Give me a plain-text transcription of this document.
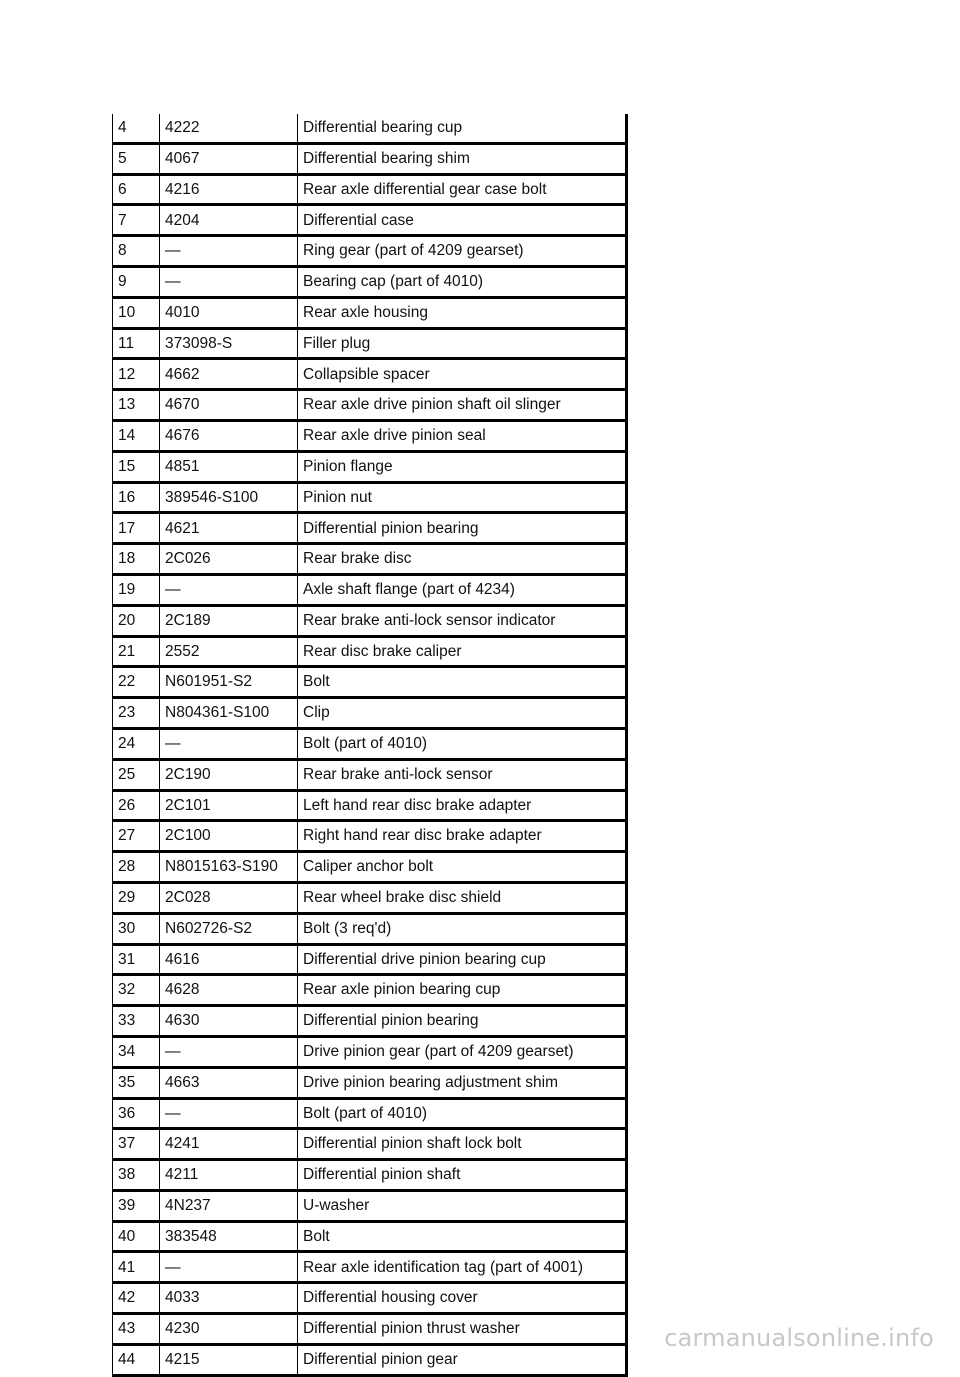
4	4222	Differential bearing cup
5	4067	Differential bearing shim
6	4216	Rear axle differential gear case bolt
7	4204	Differential case
8	—	Ring gear (part of 4209 gearset)
9	—	Bearing cap (part of 4010)
10	4010	Rear axle housing
11	373098-S	Filler plug
12	4662	Collapsible spacer
13	4670	Rear axle drive pinion shaft oil slinger
14	4676	Rear axle drive pinion seal
15	4851	Pinion flange
16	389546-S100	Pinion nut
17	4621	Differential pinion bearing
18	2C026	Rear brake disc
19	—	Axle shaft flange (part of 4234)
20	2C189	Rear brake anti-lock sensor indicator
21	2552	Rear disc brake caliper
22	N601951-S2	Bolt
23	N804361-S100	Clip
24	—	Bolt (part of 4010)
25	2C190	Rear brake anti-lock sensor
26	2C101	Left hand rear disc brake adapter
27	2C100	Right hand rear disc brake adapter
28	N8015163-S190	Caliper anchor bolt
29	2C028	Rear wheel brake disc shield
30	N602726-S2	Bolt (3 req'd)
31	4616	Differential drive pinion bearing cup
32	4628	Rear axle pinion bearing cup
33	4630	Differential pinion bearing
34	—	Drive pinion gear (part of 4209 gearset)
35	4663	Drive pinion bearing adjustment shim
36	—	Bolt (part of 4010)
37	4241	Differential pinion shaft lock bolt
38	4211	Differential pinion shaft
39	4N237	U-washer
40	383548	Bolt
41	—	Rear axle identification tag (part of 4001)
42	4033	Differential housing cover
43	4230	Differential pinion thrust washer
44	4215	Differential pinion gear
carmanualsonline.info
